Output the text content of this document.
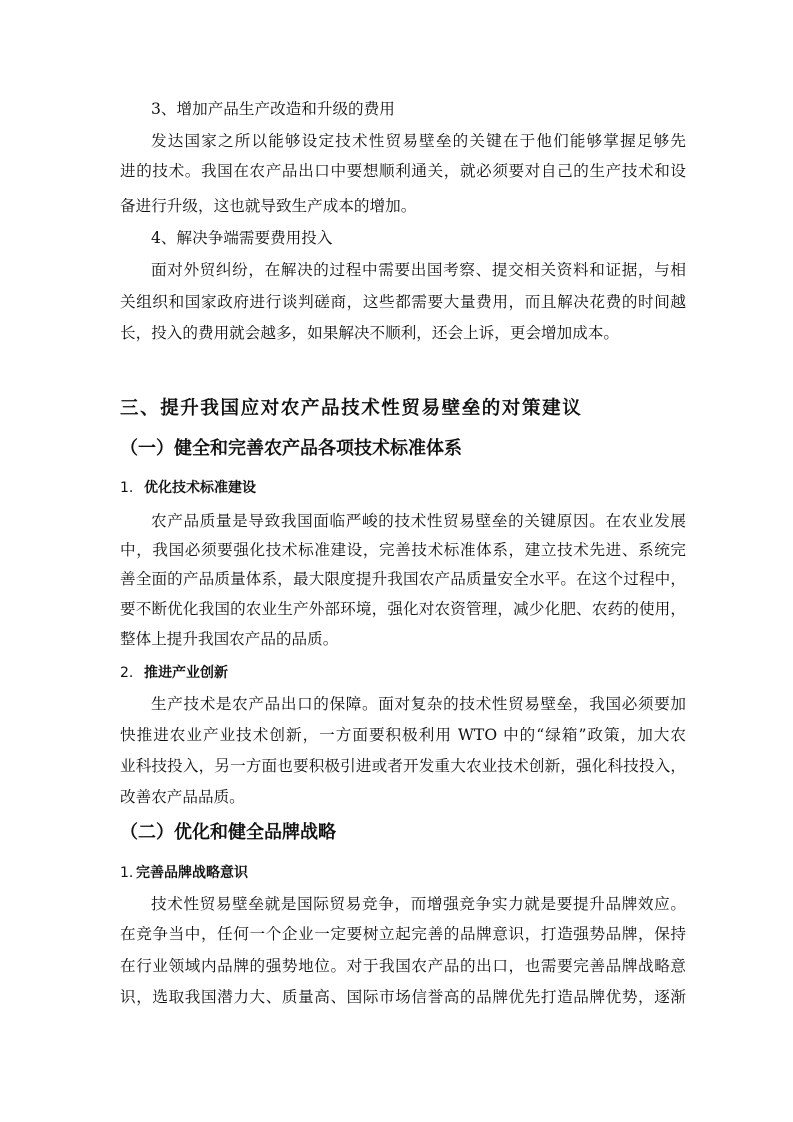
3、增加产品生产改造和升级的费用

发达国家之所以能够设定技术性贸易壁垒的关键在于他们能够掌握足够先

进的技术。我国在农产品出口中要想顺利通关，就必须要对自己的生产技术和设

备进行升级，这也就导致生产成本的增加。

4、解决争端需要费用投入

面对外贸纠纷，在解决的过程中需要出国考察、提交相关资料和证据，与相

关组织和国家政府进行谈判磋商，这些都需要大量费用，而且解决花费的时间越

长，投入的费用就会越多，如果解决不顺利，还会上诉，更会增加成本。

三、提升我国应对农产品技术性贸易壁垒的对策建议
（一）健全和完善农产品各项技术标准体系
1. 优化技术标准建设

农产品质量是导致我国面临严峻的技术性贸易壁垒的关键原因。在农业发展

中，我国必须要强化技术标准建设，完善技术标准体系，建立技术先进、系统完

善全面的产品质量体系，最大限度提升我国农产品质量安全水平。在这个过程中，

要不断优化我国的农业生产外部环境，强化对农资管理，减少化肥、农药的使用，

整体上提升我国农产品的品质。

2. 推进产业创新

生产技术是农产品出口的保障。面对复杂的技术性贸易壁垒，我国必须要加

快推进农业产业技术创新，一方面要积极利用 WTO 中的“绿箱”政策，加大农

业科技投入，另一方面也要积极引进或者开发重大农业技术创新，强化科技投入，

改善农产品品质。

（二）优化和健全品牌战略
1. 完善品牌战略意识

技术性贸易壁垒就是国际贸易竞争，而增强竞争实力就是要提升品牌效应。

在竞争当中，任何一个企业一定要树立起完善的品牌意识，打造强势品牌，保持

在行业领域内品牌的强势地位。对于我国农产品的出口，也需要完善品牌战略意

识，选取我国潜力大、质量高、国际市场信誉高的品牌优先打造品牌优势，逐渐
